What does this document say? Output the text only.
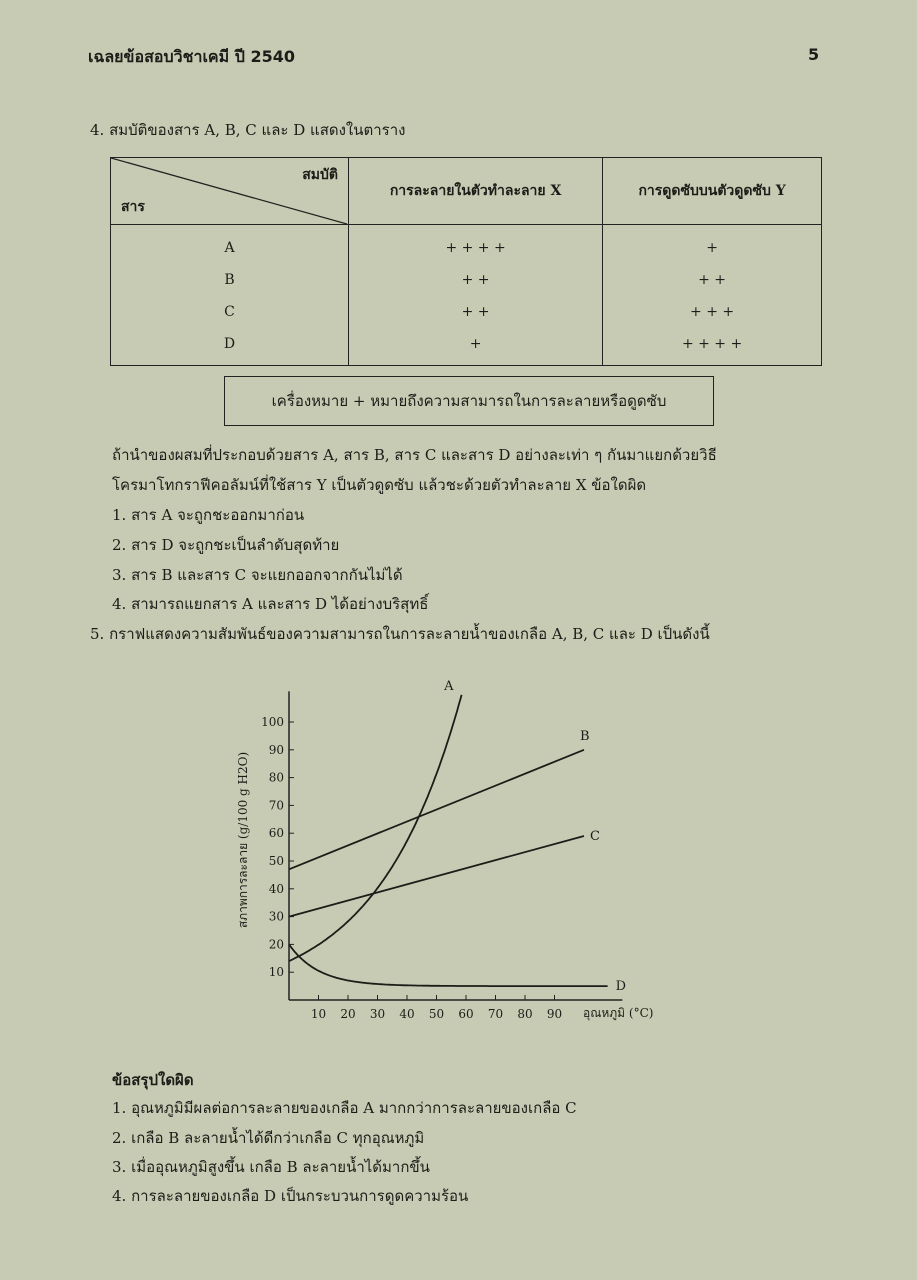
เฉลยข้อสอบวิชาเคมี ปี 2540	5
4. สมบัติของสาร A, B, C และ D แสดงในตาราง
สมบัติ
สาร	การละลายในตัวทำละลาย X	การดูดซับบนตัวดูดซับ Y
A	+ + + +	+
B	+ +	+ +
C	+ +	+ + +
D	+	+ + + +
เครื่องหมาย + หมายถึงความสามารถในการละลายหรือดูดซับ
ถ้านำของผสมที่ประกอบด้วยสาร A, สาร B, สาร C และสาร D อย่างละเท่า ๆ กันมาแยกด้วยวิธี
โครมาโทกราฟีคอลัมน์ที่ใช้สาร Y เป็นตัวดูดซับ แล้วชะด้วยตัวทำละลาย X ข้อใดผิด
1. สาร A จะถูกชะออกมาก่อน
2. สาร D จะถูกชะเป็นลำดับสุดท้าย
3. สาร B และสาร C จะแยกออกจากกันไม่ได้
4. สามารถแยกสาร A และสาร D ได้อย่างบริสุทธิ์
5. กราฟแสดงความสัมพันธ์ของความสามารถในการละลายน้ำของเกลือ A, B, C และ D เป็นดังนี้
10 20 30 40 50 60 70 80 90
10
20
30
40
50
60
70
80
90
100
A
B
C
D
สภาพการละลาย (g/100 g H2O)
อุณหภูมิ (°C)
ข้อสรุปใดผิด
1. อุณหภูมิมีผลต่อการละลายของเกลือ A มากกว่าการละลายของเกลือ C
2. เกลือ B ละลายน้ำได้ดีกว่าเกลือ C ทุกอุณหภูมิ
3. เมื่ออุณหภูมิสูงขึ้น เกลือ B ละลายน้ำได้มากขึ้น
4. การละลายของเกลือ D เป็นกระบวนการดูดความร้อน
